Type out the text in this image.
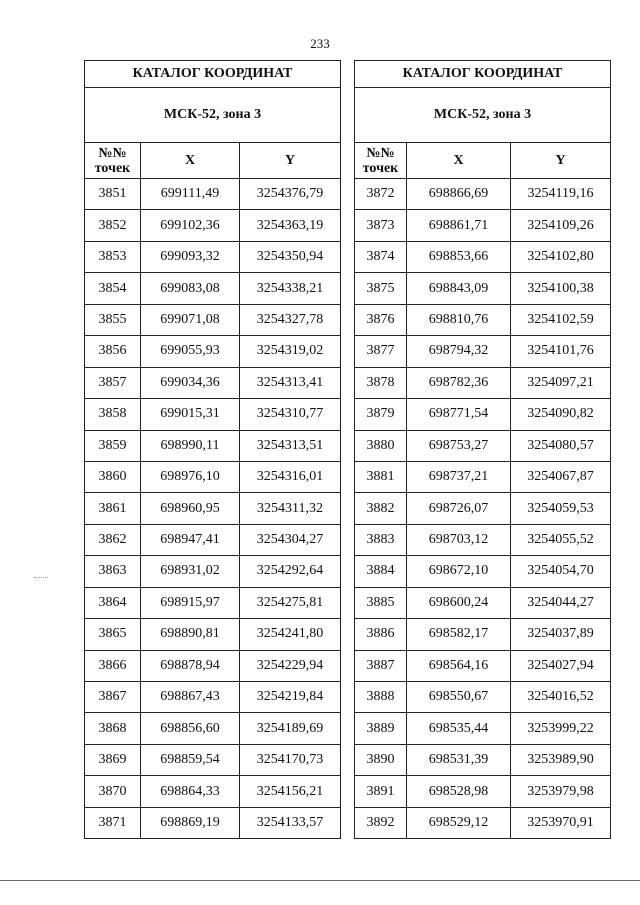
233
КАТАЛОГ КООРДИНАТ		
МСК-52, зона 3		

№№
точек	X	Y
3851	699111,49	3254376,79
3852	699102,36	3254363,19
3853	699093,32	3254350,94
3854	699083,08	3254338,21
3855	699071,08	3254327,78
3856	699055,93	3254319,02
3857	699034,36	3254313,41
3858	699015,31	3254310,77
3859	698990,11	3254313,51
3860	698976,10	3254316,01
3861	698960,95	3254311,32
3862	698947,41	3254304,27
3863	698931,02	3254292,64
3864	698915,97	3254275,81
3865	698890,81	3254241,80
3866	698878,94	3254229,94
3867	698867,43	3254219,84
3868	698856,60	3254189,69
3869	698859,54	3254170,73
3870	698864,33	3254156,21
3871	698869,19	3254133,57
КАТАЛОГ КООРДИНАТ		
МСК-52, зона 3		

№№
точек	X	Y
3872	698866,69	3254119,16
3873	698861,71	3254109,26
3874	698853,66	3254102,80
3875	698843,09	3254100,38
3876	698810,76	3254102,59
3877	698794,32	3254101,76
3878	698782,36	3254097,21
3879	698771,54	3254090,82
3880	698753,27	3254080,57
3881	698737,21	3254067,87
3882	698726,07	3254059,53
3883	698703,12	3254055,52
3884	698672,10	3254054,70
3885	698600,24	3254044,27
3886	698582,17	3254037,89
3887	698564,16	3254027,94
3888	698550,67	3254016,52
3889	698535,44	3253999,22
3890	698531,39	3253989,90
3891	698528,98	3253979,98
3892	698529,12	3253970,91
